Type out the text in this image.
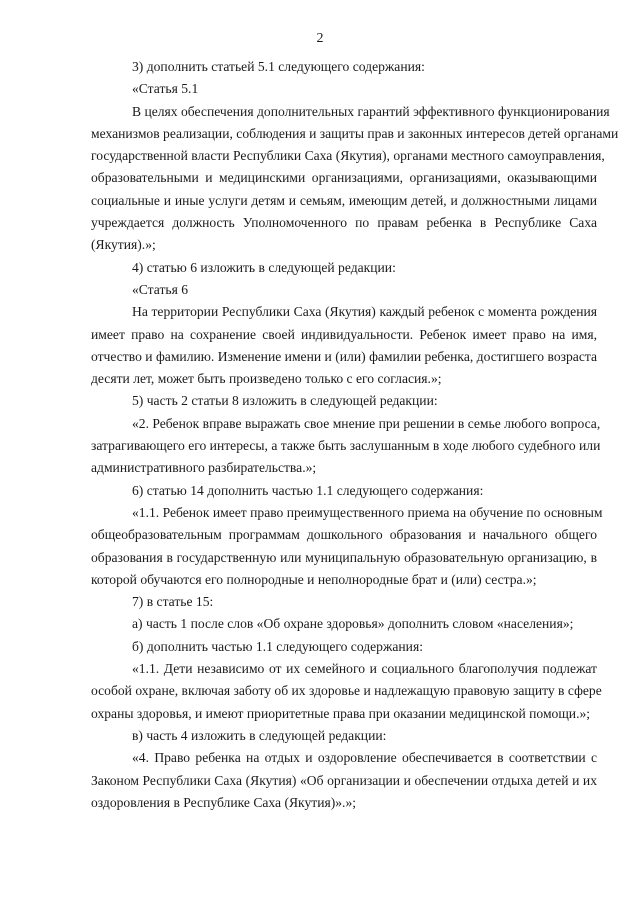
2
3) дополнить статьей 5.1 следующего содержания:
«Статья 5.1
В целях обеспечения дополнительных гарантий эффективного функционирования
механизмов реализации, соблюдения и защиты прав и законных интересов детей органами
государственной власти Республики Саха (Якутия), органами местного самоуправления,
образовательными и медицинскими организациями, организациями, оказывающими
социальные и иные услуги детям и семьям, имеющим детей, и должностными лицами
учреждается должность Уполномоченного по правам ребенка в Республике Саха
(Якутия).»;
4) статью 6 изложить в следующей редакции:
«Статья 6
На территории Республики Саха (Якутия) каждый ребенок с момента рождения
имеет право на сохранение своей индивидуальности. Ребенок имеет право на имя,
отчество и фамилию. Изменение имени и (или) фамилии ребенка, достигшего возраста
десяти лет, может быть произведено только с его согласия.»;
5) часть 2 статьи 8 изложить в следующей редакции:
«2. Ребенок вправе выражать свое мнение при решении в семье любого вопроса,
затрагивающего его интересы, а также быть заслушанным в ходе любого судебного или
административного разбирательства.»;
6) статью 14 дополнить частью 1.1 следующего содержания:
«1.1. Ребенок имеет право преимущественного приема на обучение по основным
общеобразовательным программам дошкольного образования и начального общего
образования в государственную или муниципальную образовательную организацию, в
которой обучаются его полнородные и неполнородные брат и (или) сестра.»;
7) в статье 15:
а) часть 1 после слов «Об охране здоровья» дополнить словом «населения»;
б) дополнить частью 1.1 следующего содержания:
«1.1. Дети независимо от их семейного и социального благополучия подлежат
особой охране, включая заботу об их здоровье и надлежащую правовую защиту в сфере
охраны здоровья, и имеют приоритетные права при оказании медицинской помощи.»;
в) часть 4 изложить в следующей редакции:
«4. Право ребенка на отдых и оздоровление обеспечивается в соответствии с
Законом Республики Саха (Якутия) «Об организации и обеспечении отдыха детей и их
оздоровления в Республике Саха (Якутия)».»;
